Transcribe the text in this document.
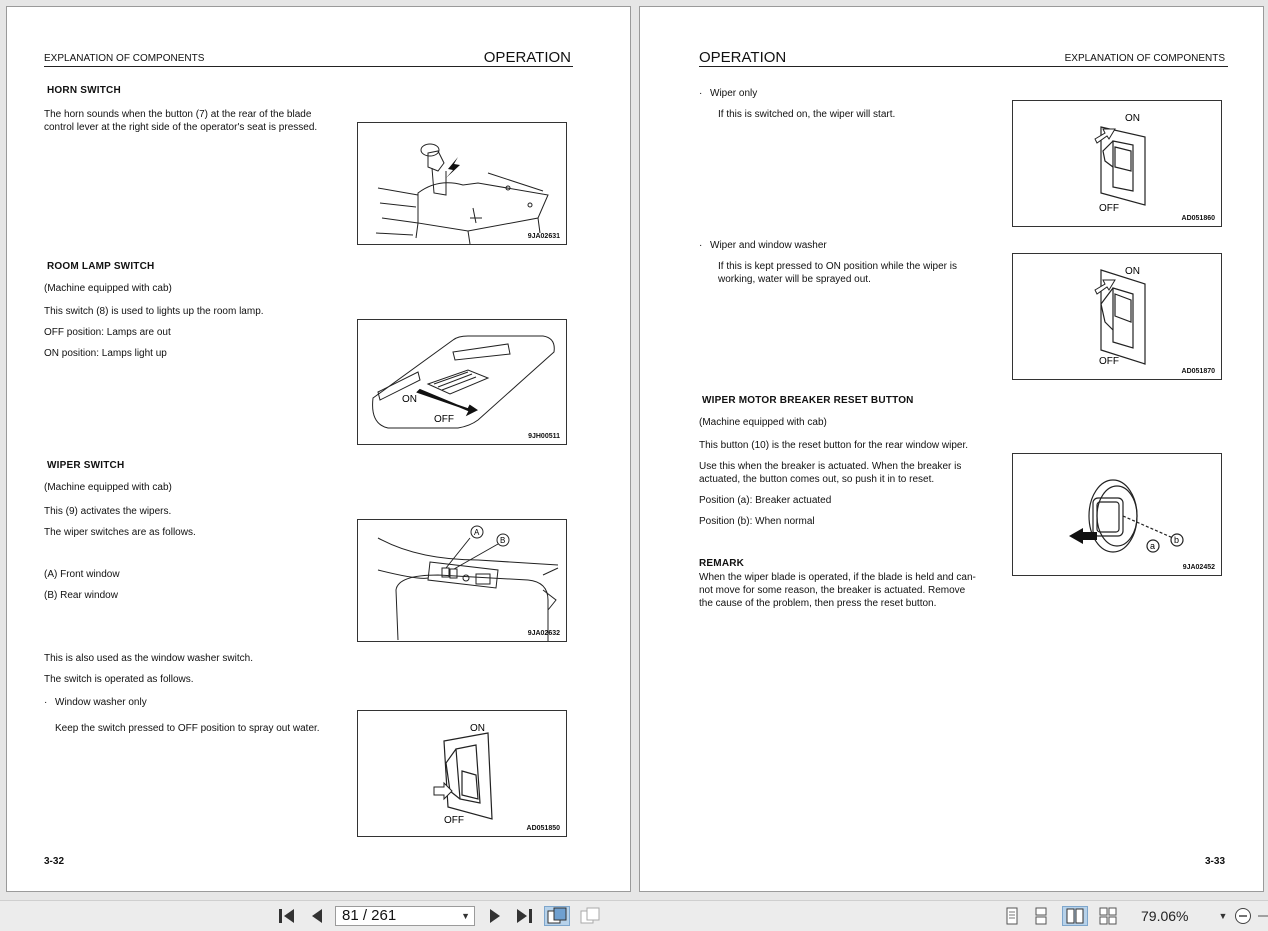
EXPLANATION OF COMPONENTS	OPERATION
HORN SWITCH
The horn sounds when the button (7) at the rear of the blade
control lever at the right side of the operator's seat is pressed.
9JA02631
ROOM LAMP SWITCH
(Machine equipped with cab)
This switch (8) is used to lights up the room lamp.
OFF position: Lamps are out
ON position: Lamps light up
ON
OFF
9JH00511
WIPER SWITCH
(Machine equipped with cab)
This (9) activates the wipers.
The wiper switches are as follows.
(A) Front window
(B) Rear window
A
B
9JA02632
This is also used as the window washer switch.
The switch is operated as follows.
· Window washer only
Keep the switch pressed to OFF position to spray out water.	ON
OFF
AD051850
3-32
OPERATION	EXPLANATION OF COMPONENTS
· Wiper only
If this is switched on, the wiper will start.	ON
OFF
AD051860
· Wiper and window washer
If this is kept pressed to ON position while the wiper is
working, water will be sprayed out.
ON
OFF
AD051870
WIPER MOTOR BREAKER RESET BUTTON
(Machine equipped with cab)
This button (10) is the reset button for the rear window wiper.
Use this when the breaker is actuated. When the breaker is
actuated, the button comes out, so push it in to reset.
Position (a): Breaker actuated
Position (b): When normal
b
a
9JA02452
REMARK
When the wiper blade is operated, if the blade is held and can-
not move for some reason, the breaker is actuated. Remove
the cause of the problem, then press the reset button.
3-33
81 / 261	▼	79.06%	▼
